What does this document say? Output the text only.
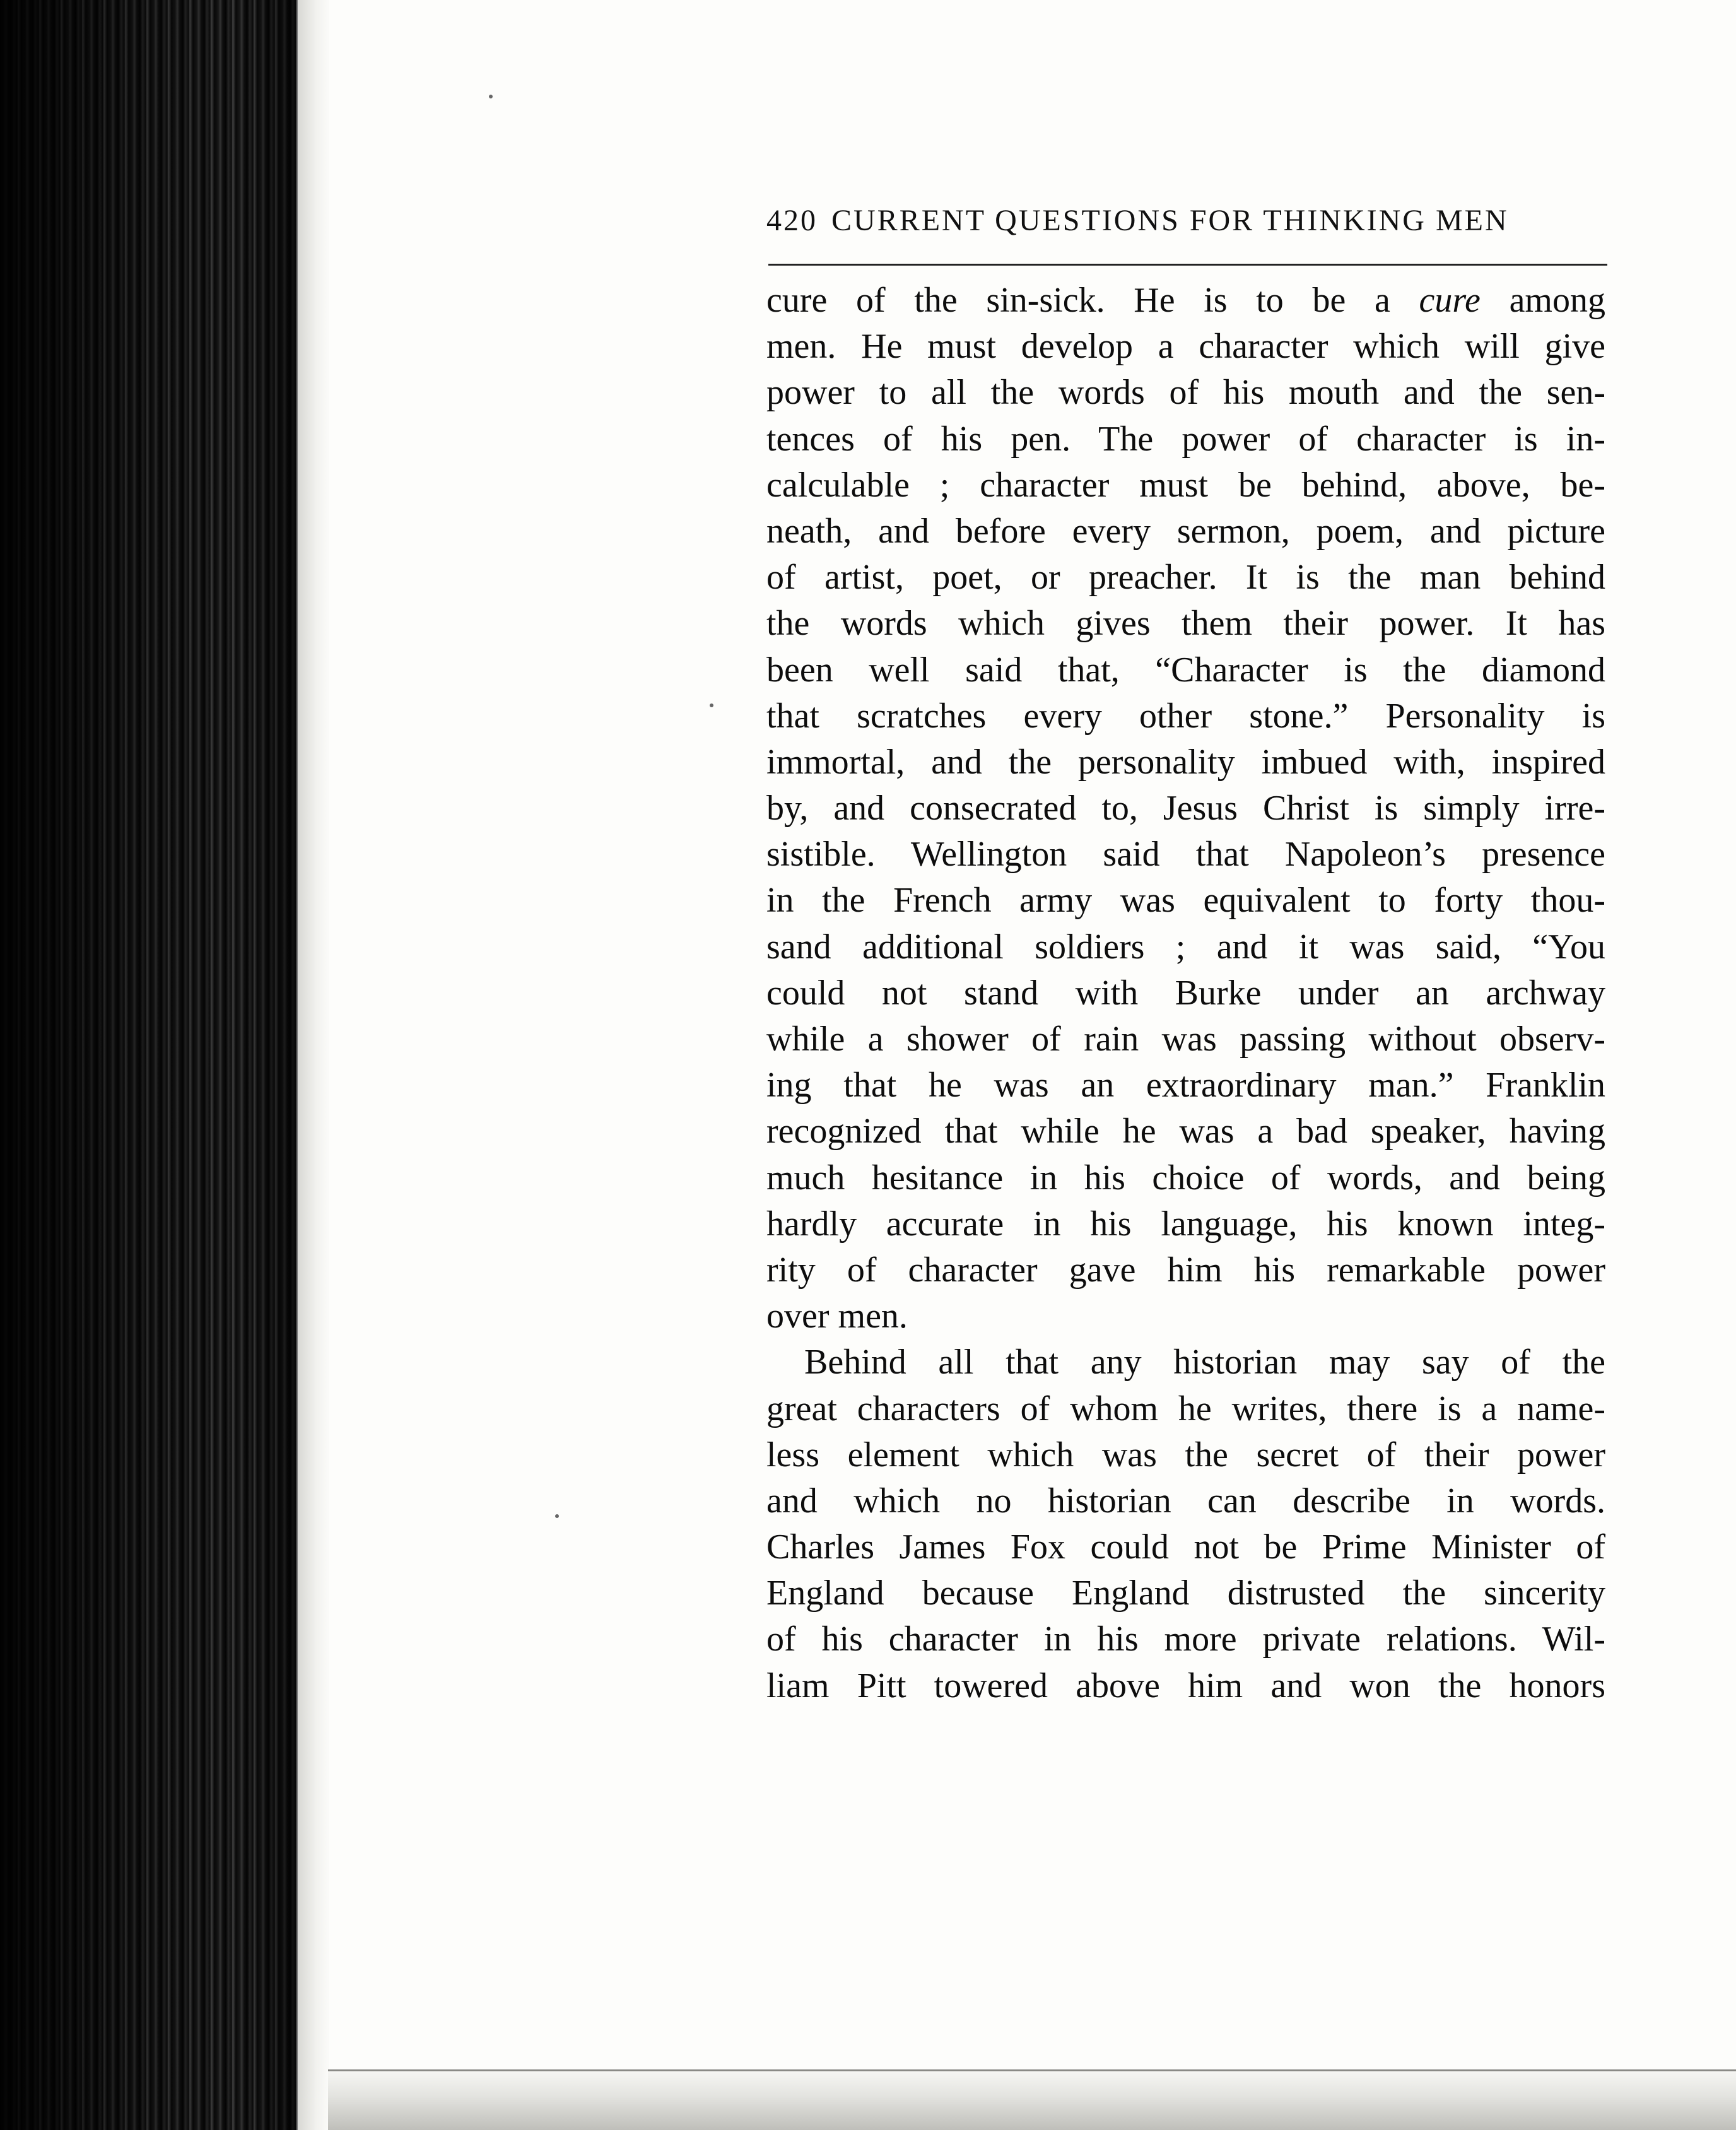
420 CURRENT QUESTIONS FOR THINKING MEN
cure of the sin-sick. He is to be a cure among
men. He must develop a character which will give
power to all the words of his mouth and the sen-
tences of his pen. The power of character is in-
calculable ; character must be behind, above, be-
neath, and before every sermon, poem, and picture
of artist, poet, or preacher. It is the man behind
the words which gives them their power. It has
been well said that, “Character is the diamond
that scratches every other stone.” Personality is
immortal, and the personality imbued with, inspired
by, and consecrated to, Jesus Christ is simply irre-
sistible. Wellington said that Napoleon’s presence
in the French army was equivalent to forty thou-
sand additional soldiers ; and it was said, “You
could not stand with Burke under an archway
while a shower of rain was passing without observ-
ing that he was an extraordinary man.” Franklin
recognized that while he was a bad speaker, having
much hesitance in his choice of words, and being
hardly accurate in his language, his known integ-
rity of character gave him his remarkable power
over men.
Behind all that any historian may say of the
great characters of whom he writes, there is a name-
less element which was the secret of their power
and which no historian can describe in words.
Charles James Fox could not be Prime Minister of
England because England distrusted the sincerity
of his character in his more private relations. Wil-
liam Pitt towered above him and won the honors
